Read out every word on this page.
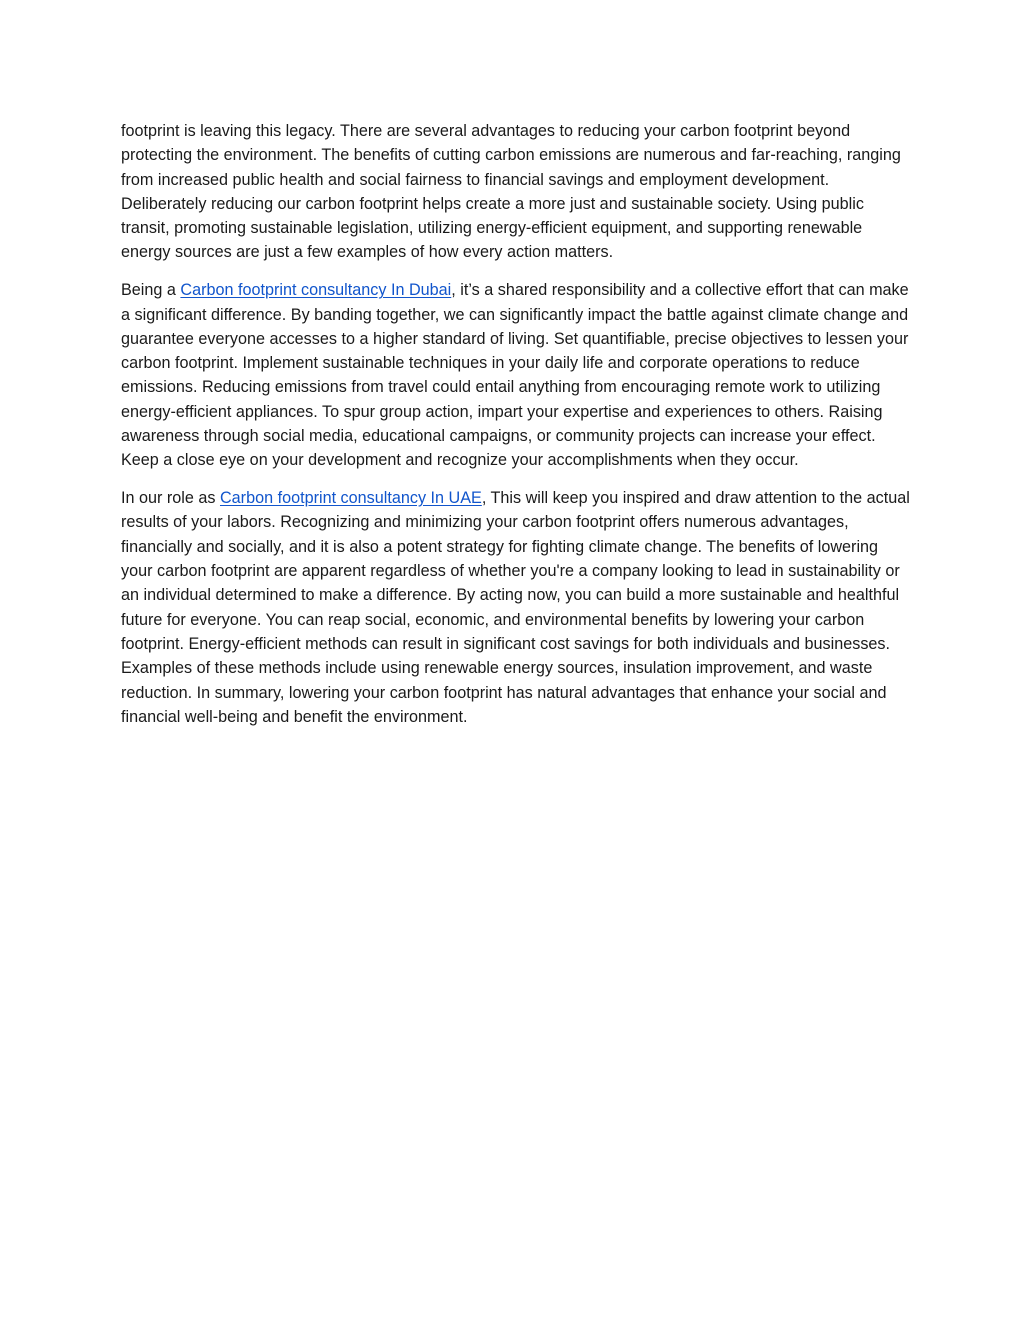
footprint is leaving this legacy. There are several advantages to reducing your carbon footprint beyond protecting the environment. The benefits of cutting carbon emissions are numerous and far-reaching, ranging from increased public health and social fairness to financial savings and employment development. Deliberately reducing our carbon footprint helps create a more just and sustainable society. Using public transit, promoting sustainable legislation, utilizing energy-efficient equipment, and supporting renewable energy sources are just a few examples of how every action matters.

Being a Carbon footprint consultancy In Dubai, it’s a shared responsibility and a collective effort that can make a significant difference. By banding together, we can significantly impact the battle against climate change and guarantee everyone accesses to a higher standard of living. Set quantifiable, precise objectives to lessen your carbon footprint. Implement sustainable techniques in your daily life and corporate operations to reduce emissions. Reducing emissions from travel could entail anything from encouraging remote work to utilizing energy-efficient appliances. To spur group action, impart your expertise and experiences to others. Raising awareness through social media, educational campaigns, or community projects can increase your effect. Keep a close eye on your development and recognize your accomplishments when they occur.

In our role as Carbon footprint consultancy In UAE, This will keep you inspired and draw attention to the actual results of your labors. Recognizing and minimizing your carbon footprint offers numerous advantages, financially and socially, and it is also a potent strategy for fighting climate change. The benefits of lowering your carbon footprint are apparent regardless of whether you're a company looking to lead in sustainability or an individual determined to make a difference. By acting now, you can build a more sustainable and healthful future for everyone. You can reap social, economic, and environmental benefits by lowering your carbon footprint. Energy-efficient methods can result in significant cost savings for both individuals and businesses. Examples of these methods include using renewable energy sources, insulation improvement, and waste reduction. In summary, lowering your carbon footprint has natural advantages that enhance your social and financial well-being and benefit the environment.
